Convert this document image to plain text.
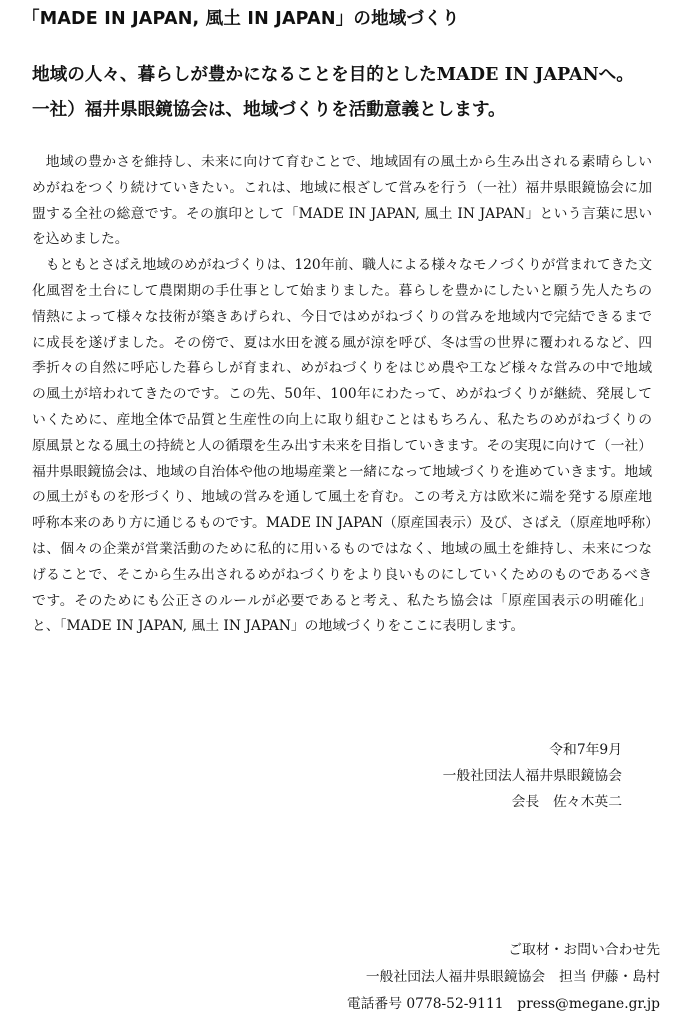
「MADE IN JAPAN, 風土 IN JAPAN」の地域づくり
地域の人々、暮らしが豊かになることを目的としたMADE IN JAPANへ。
一社）福井県眼鏡協会は、地域づくりを活動意義とします。

地域の豊かさを維持し、未来に向けて育むことで、地域固有の風土から生み出される素晴らしいめがねをつくり続けていきたい。これは、地域に根ざして営みを行う（一社）福井県眼鏡協会に加盟する全社の総意です。その旗印として「MADE IN JAPAN, 風土 IN JAPAN」という言葉に思いを込めました。

もともとさばえ地域のめがねづくりは、120年前、職人による様々なモノづくりが営まれてきた文化風習を土台にして農閑期の手仕事として始まりました。暮らしを豊かにしたいと願う先人たちの情熱によって様々な技術が築きあげられ、今日ではめがねづくりの営みを地域内で完結できるまでに成長を遂げました。その傍で、夏は水田を渡る風が涼を呼び、冬は雪の世界に覆われるなど、四季折々の自然に呼応した暮らしが育まれ、めがねづくりをはじめ農や工など様々な営みの中で地域の風土が培われてきたのです。この先、50年、100年にわたって、めがねづくりが継続、発展していくために、産地全体で品質と生産性の向上に取り組むことはもちろん、私たちのめがねづくりの原風景となる風土の持続と人の循環を生み出す未来を目指していきます。その実現に向けて（一社）福井県眼鏡協会は、地域の自治体や他の地場産業と一緒になって地域づくりを進めていきます。地域の風土がものを形づくり、地域の営みを通して風土を育む。この考え方は欧米に端を発する原産地呼称本来のあり方に通じるものです。MADE IN JAPAN（原産国表示）及び、さばえ（原産地呼称）は、個々の企業が営業活動のために私的に用いるものではなく、地域の風土を維持し、未来につなげることで、そこから生み出されるめがねづくりをより良いものにしていくためのものであるべきです。そのためにも公正さのルールが必要であると考え、私たち協会は「原産国表示の明確化」と、「MADE IN JAPAN, 風土 IN JAPAN」の地域づくりをここに表明します。

令和7年9月
一般社団法人福井県眼鏡協会
会長　佐々木英二
ご取材・お問い合わせ先
一般社団法人福井県眼鏡協会　担当 伊藤・島村
電話番号 0778-52-9111　press@megane.gr.jp
